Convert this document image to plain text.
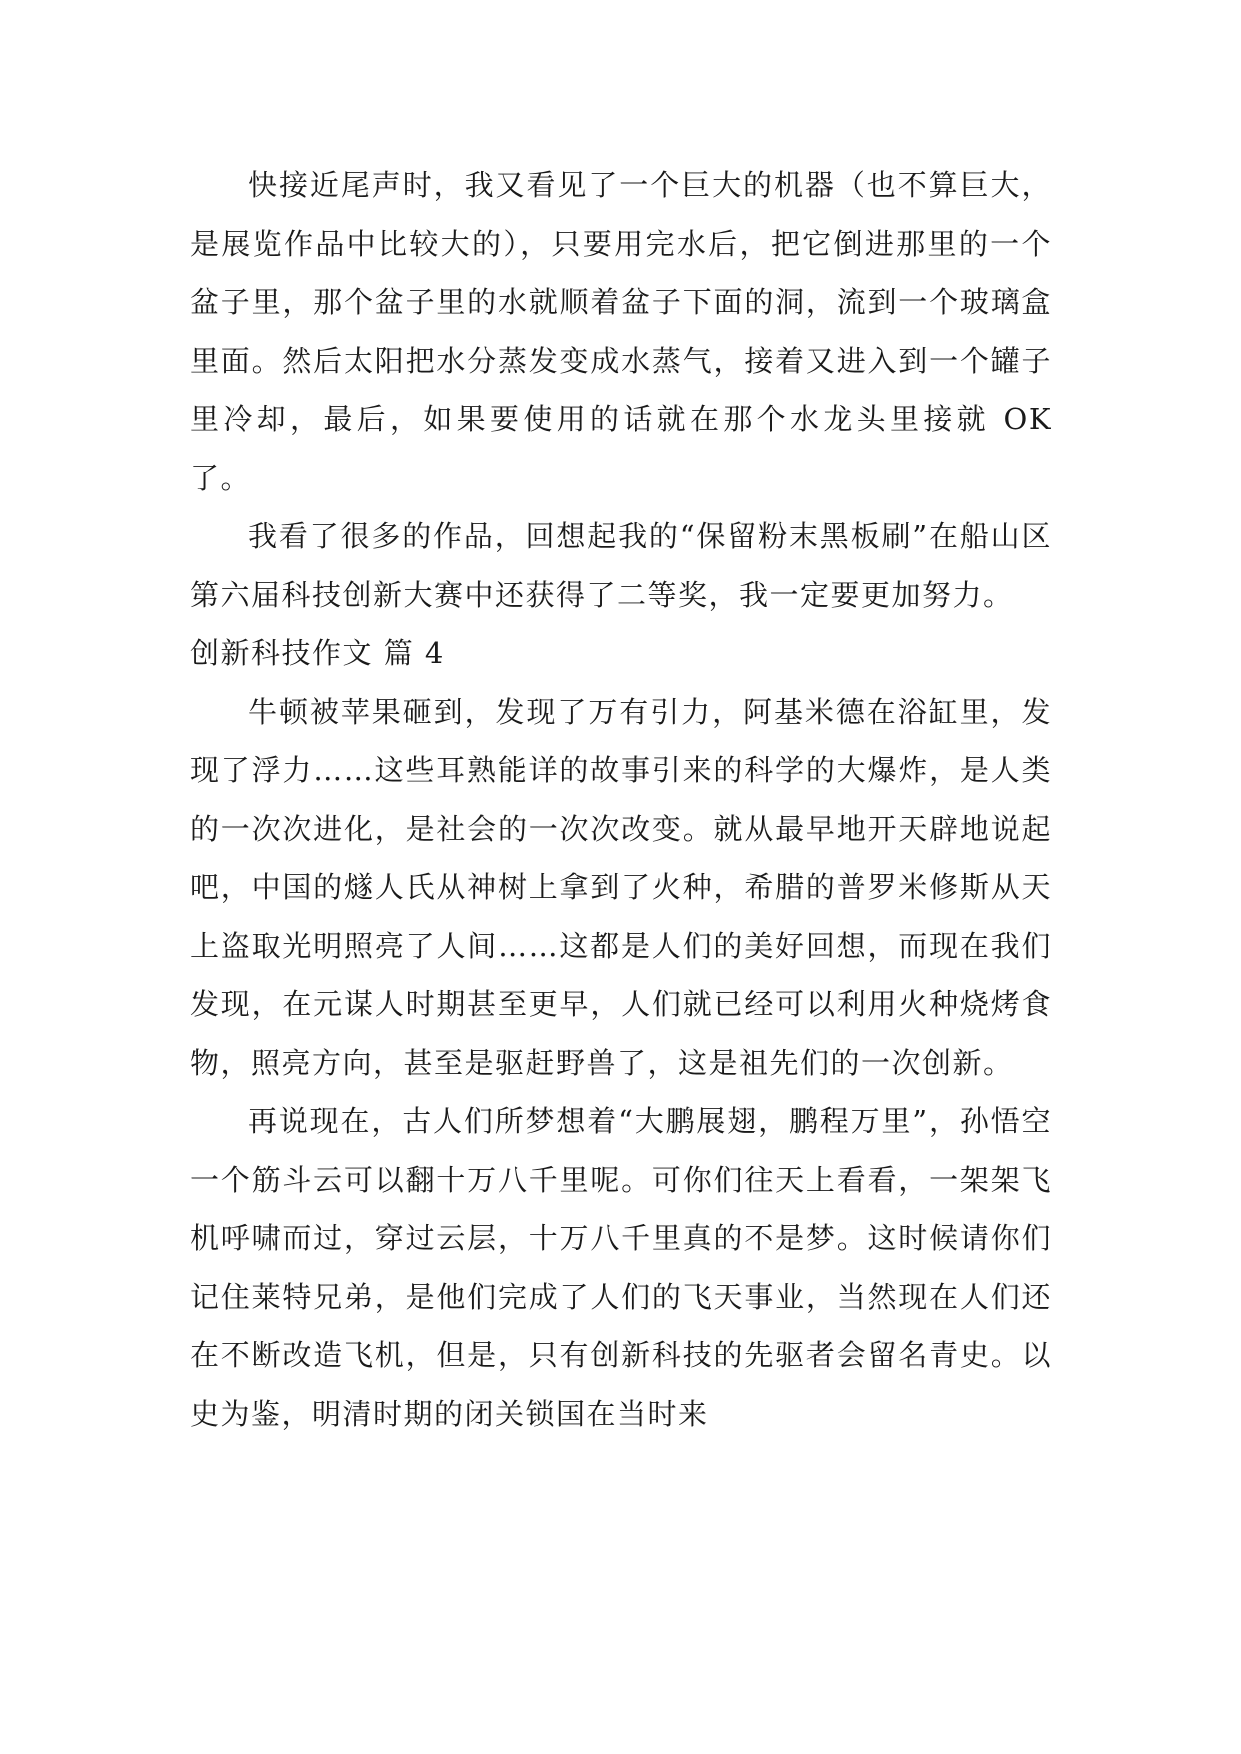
快接近尾声时，我又看见了一个巨大的机器（也不算巨大，是展览作品中比较大的），只要用完水后，把它倒进那里的一个盆子里，那个盆子里的水就顺着盆子下面的洞，流到一个玻璃盒里面。然后太阳把水分蒸发变成水蒸气，接着又进入到一个罐子里冷却，最后，如果要使用的话就在那个水龙头里接就 OK 了。

我看了很多的作品，回想起我的“保留粉末黑板刷”在船山区第六届科技创新大赛中还获得了二等奖，我一定要更加努力。

创新科技作文 篇 4

牛顿被苹果砸到，发现了万有引力，阿基米德在浴缸里，发现了浮力……这些耳熟能详的故事引来的科学的大爆炸，是人类的一次次进化，是社会的一次次改变。就从最早地开天辟地说起吧，中国的燧人氏从神树上拿到了火种，希腊的普罗米修斯从天上盗取光明照亮了人间……这都是人们的美好回想，而现在我们发现，在元谋人时期甚至更早，人们就已经可以利用火种烧烤食物，照亮方向，甚至是驱赶野兽了，这是祖先们的一次创新。

再说现在，古人们所梦想着“大鹏展翅，鹏程万里”，孙悟空一个筋斗云可以翻十万八千里呢。可你们往天上看看，一架架飞机呼啸而过，穿过云层，十万八千里真的不是梦。这时候请你们记住莱特兄弟，是他们完成了人们的飞天事业，当然现在人们还在不断改造飞机，但是，只有创新科技的先驱者会留名青史。以史为鉴，明清时期的闭关锁国在当时来
